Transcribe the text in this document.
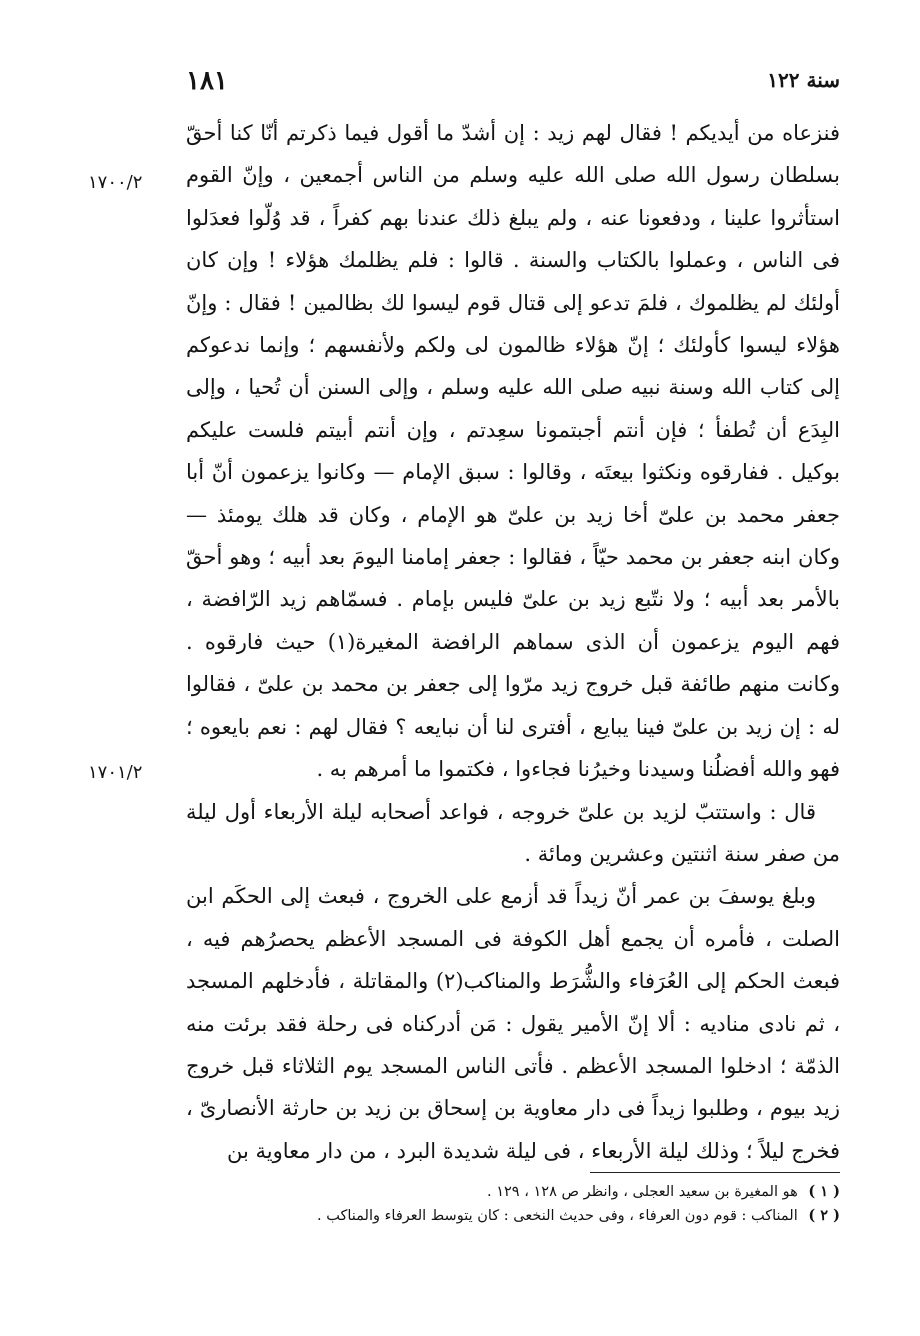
سنة ١٢٢
١٨١
١٧٠٠/٢
١٧٠١/٢

فنزعاه من أيديكم ! فقال لهم زيد : إن أشدّ ما أقول فيما ذكرتم أنّا كنا أحقّ بسلطان رسول الله صلى الله عليه وسلم من الناس أجمعين ، وإنّ القوم استأثروا علينا ، ودفعونا عنه ، ولم يبلغ ذلك عندنا بهم كفراً ، قد وُلّوا فعدَلوا فى الناس ، وعملوا بالكتاب والسنة . قالوا : فلم يظلمك هؤلاء ! وإن كان أولئك لم يظلموك ، فلمَ تدعو إلى قتال قوم ليسوا لك بظالمين ! فقال : وإنّ هؤلاء ليسوا كأولئك ؛ إنّ هؤلاء ظالمون لى ولكم ولأنفسهم ؛ وإنما ندعوكم إلى كتاب الله وسنة نبيه صلى الله عليه وسلم ، وإلى السنن أن تُحيا ، وإلى البِدَع أن تُطفأ ؛ فإن أنتم أجبتمونا سعِدتم ، وإن أنتم أبيتم فلست عليكم بوكيل . ففارقوه ونكثوا بيعتَه ، وقالوا : سبق الإمام — وكانوا يزعمون أنّ أبا جعفر محمد بن علىّ أخا زيد بن علىّ هو الإمام ، وكان قد هلك يومئذ — وكان ابنه جعفر بن محمد حيّاً ، فقالوا : جعفر إمامنا اليومَ بعد أبيه ؛ وهو أحقّ بالأمر بعد أبيه ؛ ولا نتّبع زيد بن علىّ فليس بإمام . فسمّاهم زيد الرّافضة ، فهم اليوم يزعمون أن الذى سماهم الرافضة المغيرة(١) حيث فارقوه . وكانت منهم طائفة قبل خروج زيد مرّوا إلى جعفر بن محمد بن علىّ ، فقالوا له : إن زيد بن علىّ فينا يبايع ، أفترى لنا أن نبايعه ؟ فقال لهم : نعم بايعوه ؛ فهو والله أفضلُنا وسيدنا وخيرُنا فجاءوا ، فكتموا ما أمرهم به .

قال : واستتبّ لزيد بن علىّ خروجه ، فواعد أصحابه ليلة الأربعاء أول ليلة من صفر سنة اثنتين وعشرين ومائة .

وبلغ يوسفَ بن عمر أنّ زيداً قد أزمع على الخروج ، فبعث إلى الحكَم ابن الصلت ، فأمره أن يجمع أهل الكوفة فى المسجد الأعظم يحصرُهم فيه ، فبعث الحكم إلى العُرَفاء والشُّرَط والمناكب(٢) والمقاتلة ، فأدخلهم المسجد ، ثم نادى مناديه : ألا إنّ الأمير يقول : مَن أدركناه فى رحلة فقد برئت منه الذمّة ؛ ادخلوا المسجد الأعظم . فأتى الناس المسجد يوم الثلاثاء قبل خروج زيد بيوم ، وطلبوا زيداً فى دار معاوية بن إسحاق بن زيد بن حارثة الأنصارىّ ، فخرج ليلاً ؛ وذلك ليلة الأربعاء ، فى ليلة شديدة البرد ، من دار معاوية بن

( ١ ) هو المغيرة بن سعيد العجلى ، وانظر ص ١٢٨ ، ١٢٩ .
( ٢ ) المناكب : قوم دون العرفاء ، وفى حديث النخعى : كان يتوسط العرفاء والمناكب .
